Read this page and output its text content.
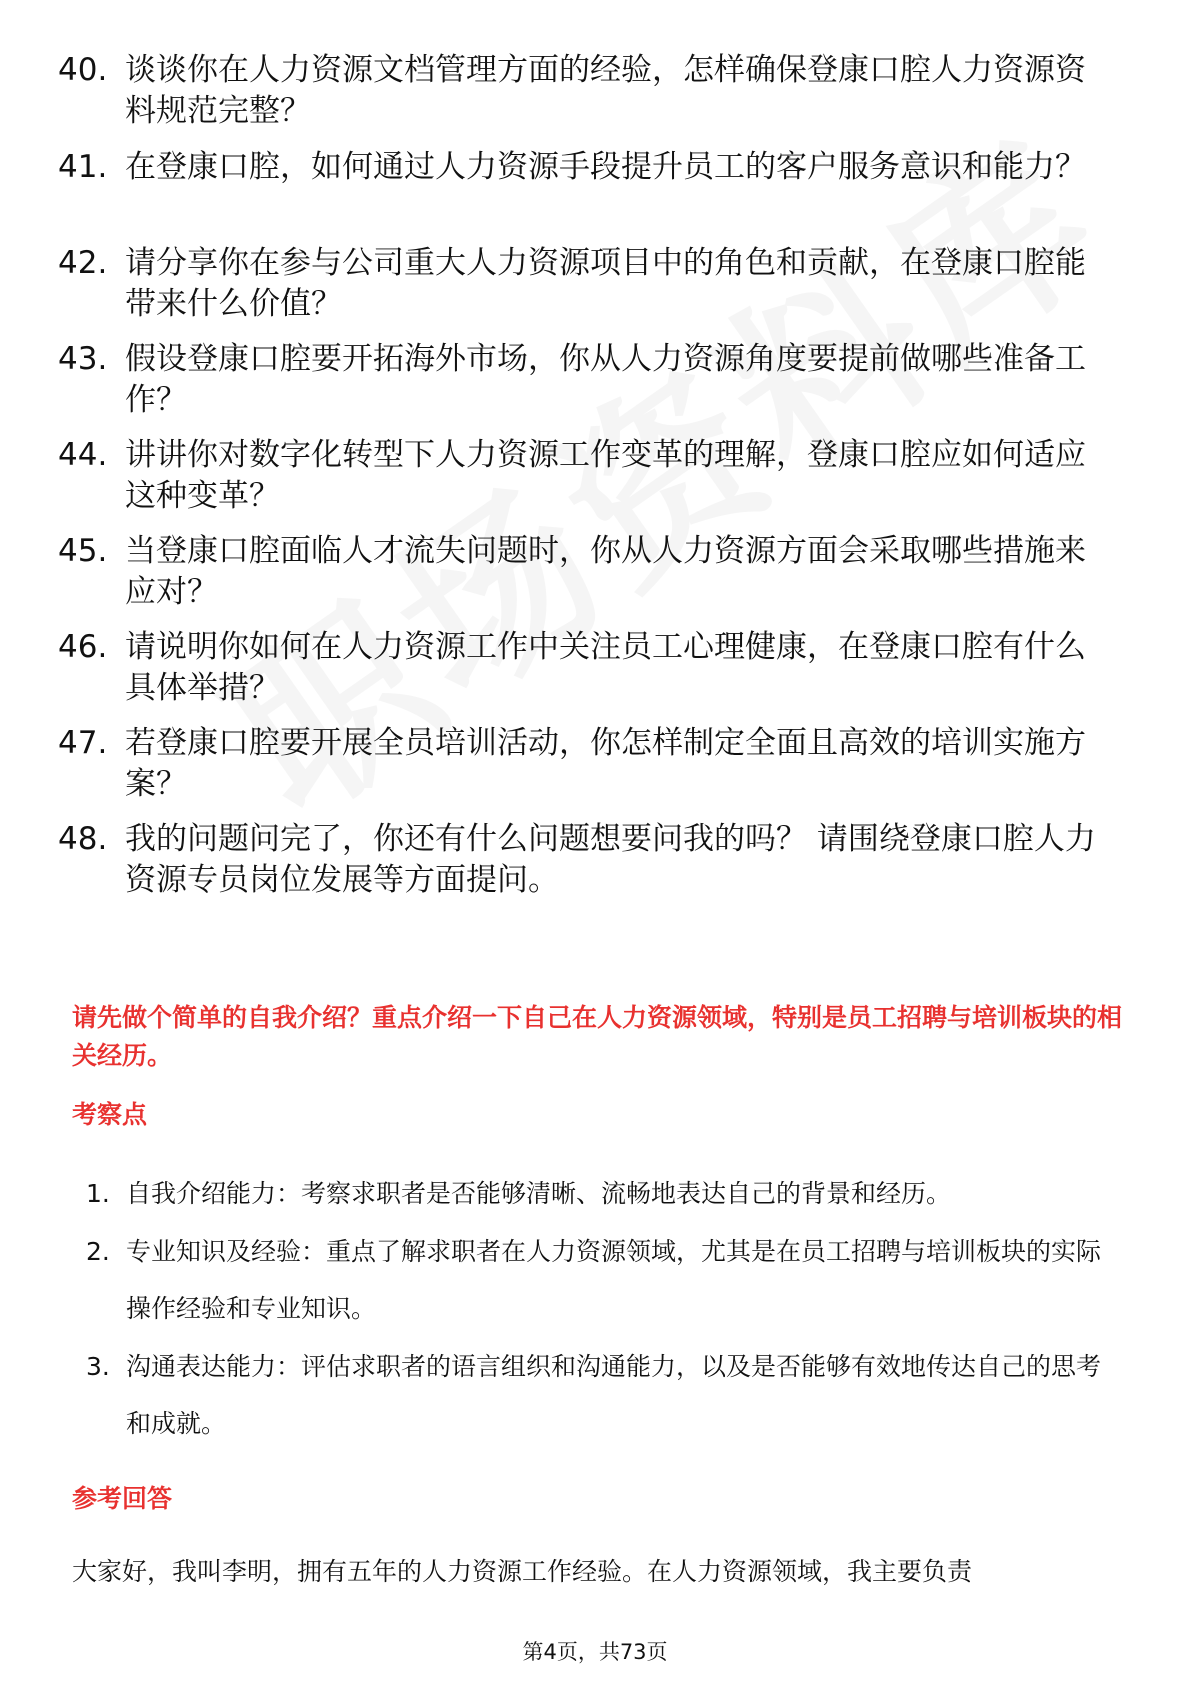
40. 谈谈你在人力资源文档管理方面的经验，怎样确保登康口腔人力资源资料规范完整？
41. 在登康口腔，如何通过人力资源手段提升员工的客户服务意识和能力？
42. 请分享你在参与公司重大人力资源项目中的角色和贡献，在登康口腔能带来什么价值？
43. 假设登康口腔要开拓海外市场，你从人力资源角度要提前做哪些准备工作？
44. 讲讲你对数字化转型下人力资源工作变革的理解，登康口腔应如何适应这种变革？
45. 当登康口腔面临人才流失问题时，你从人力资源方面会采取哪些措施来应对？
46. 请说明你如何在人力资源工作中关注员工心理健康，在登康口腔有什么具体举措？
47. 若登康口腔要开展全员培训活动，你怎样制定全面且高效的培训实施方案？
48. 我的问题问完了，你还有什么问题想要问我的吗？ 请围绕登康口腔人力资源专员岗位发展等方面提问。
请先做个简单的自我介绍？重点介绍一下自己在人力资源领域，特别是员工招聘与培训板块的相关经历。
考察点
1. 自我介绍能力：考察求职者是否能够清晰、流畅地表达自己的背景和经历。
2. 专业知识及经验：重点了解求职者在人力资源领域，尤其是在员工招聘与培训板块的实际操作经验和专业知识。
3. 沟通表达能力：评估求职者的语言组织和沟通能力，以及是否能够有效地传达自己的思考和成就。
参考回答
大家好，我叫李明，拥有五年的人力资源工作经验。在人力资源领域，我主要负责
第4页，共73页
